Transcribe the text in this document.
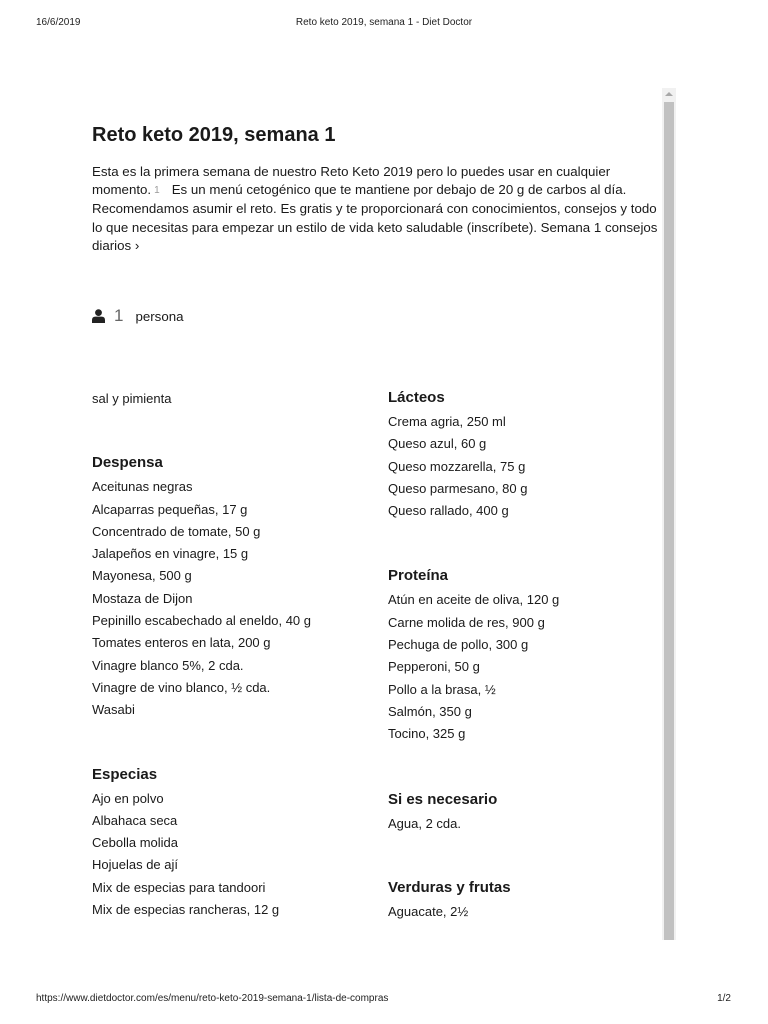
16/6/2019	Reto keto 2019, semana 1 - Diet Doctor
Reto keto 2019, semana 1

Esta es la primera semana de nuestro Reto Keto 2019 pero lo puedes usar en cualquier momento. 1 Es un menú cetogénico que te mantiene por debajo de 20 g de carbos al día. Recomendamos asumir el reto. Es gratis y te proporcionará con conocimientos, consejos y todo lo que necesitas para empezar un estilo de vida keto saludable (inscríbete). Semana 1 consejos diarios ›

1 persona
sal y pimienta
Despensa
Aceitunas negras
Alcaparras pequeñas, 17 g
Concentrado de tomate, 50 g
Jalapeños en vinagre, 15 g
Mayonesa, 500 g
Mostaza de Dijon
Pepinillo escabechado al eneldo, 40 g
Tomates enteros en lata, 200 g
Vinagre blanco 5%, 2 cda.
Vinagre de vino blanco, ½ cda.
Wasabi
Especias
Ajo en polvo
Albahaca seca
Cebolla molida
Hojuelas de ají
Mix de especias para tandoori
Mix de especias rancheras, 12 g
Lácteos
Crema agria, 250 ml
Queso azul, 60 g
Queso mozzarella, 75 g
Queso parmesano, 80 g
Queso rallado, 400 g
Proteína
Atún en aceite de oliva, 120 g
Carne molida de res, 900 g
Pechuga de pollo, 300 g
Pepperoni, 50 g
Pollo a la brasa, ½
Salmón, 350 g
Tocino, 325 g
Si es necesario
Agua, 2 cda.
Verduras y frutas
Aguacate, 2½
https://www.dietdoctor.com/es/menu/reto-keto-2019-semana-1/lista-de-compras	1/2
